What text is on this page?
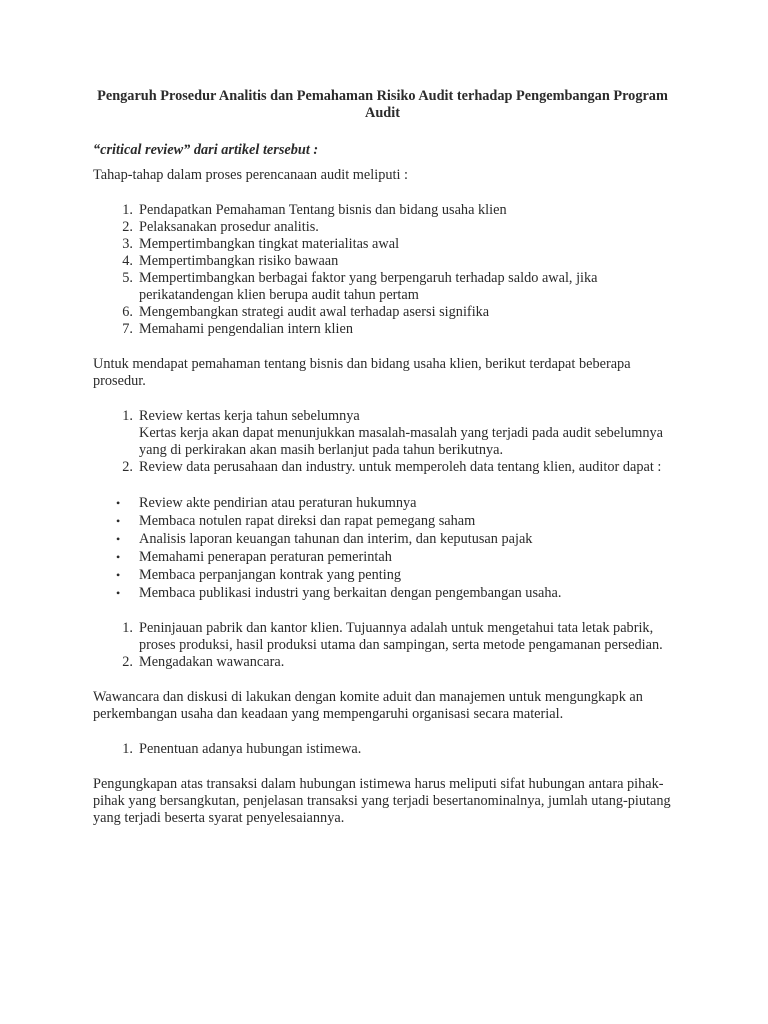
Pengaruh Prosedur Analitis dan Pemahaman Risiko Audit terhadap Pengembangan Program Audit

“critical review” dari artikel tersebut :

Tahap-tahap dalam proses perencanaan audit meliputi :

1. Pendapatkan Pemahaman Tentang bisnis dan bidang usaha klien
2. Pelaksanakan prosedur analitis.
3. Mempertimbangkan tingkat materialitas awal
4. Mempertimbangkan risiko bawaan
5. Mempertimbangkan berbagai faktor yang berpengaruh terhadap saldo awal, jika perikatandengan klien berupa audit tahun pertam
6. Mengembangkan strategi audit awal terhadap asersi signifika
7. Memahami pengendalian intern klien

Untuk mendapat pemahaman tentang bisnis dan bidang usaha klien, berikut terdapat beberapa prosedur.

1. Review kertas kerja tahun sebelumnya
Kertas kerja akan dapat menunjukkan masalah-masalah yang terjadi pada audit sebelumnya yang di perkirakan akan masih berlanjut pada tahun berikutnya.
2. Review data perusahaan dan industry. untuk memperoleh data tentang klien, auditor dapat :
•	Review akte pendirian atau peraturan hukumnya
•	Membaca notulen rapat direksi dan rapat pemegang saham
•	Analisis laporan keuangan tahunan dan interim, dan keputusan pajak
•	Memahami penerapan peraturan pemerintah
•	Membaca perpanjangan kontrak yang penting
•	Membaca publikasi industri yang berkaitan dengan pengembangan usaha.
1. Peninjauan pabrik dan kantor klien. Tujuannya adalah untuk mengetahui tata letak pabrik, proses produksi, hasil produksi utama dan sampingan, serta metode pengamanan persedian.
2. Mengadakan wawancara.

Wawancara dan diskusi di lakukan dengan komite aduit dan manajemen untuk mengungkapk an perkembangan usaha dan keadaan yang mempengaruhi organisasi secara material.

1. Penentuan adanya hubungan istimewa.

Pengungkapan atas transaksi dalam hubungan istimewa harus meliputi sifat hubungan antara pihak-pihak yang bersangkutan, penjelasan transaksi yang terjadi besertanominalnya, jumlah utang-piutang yang terjadi beserta syarat penyelesaiannya.
